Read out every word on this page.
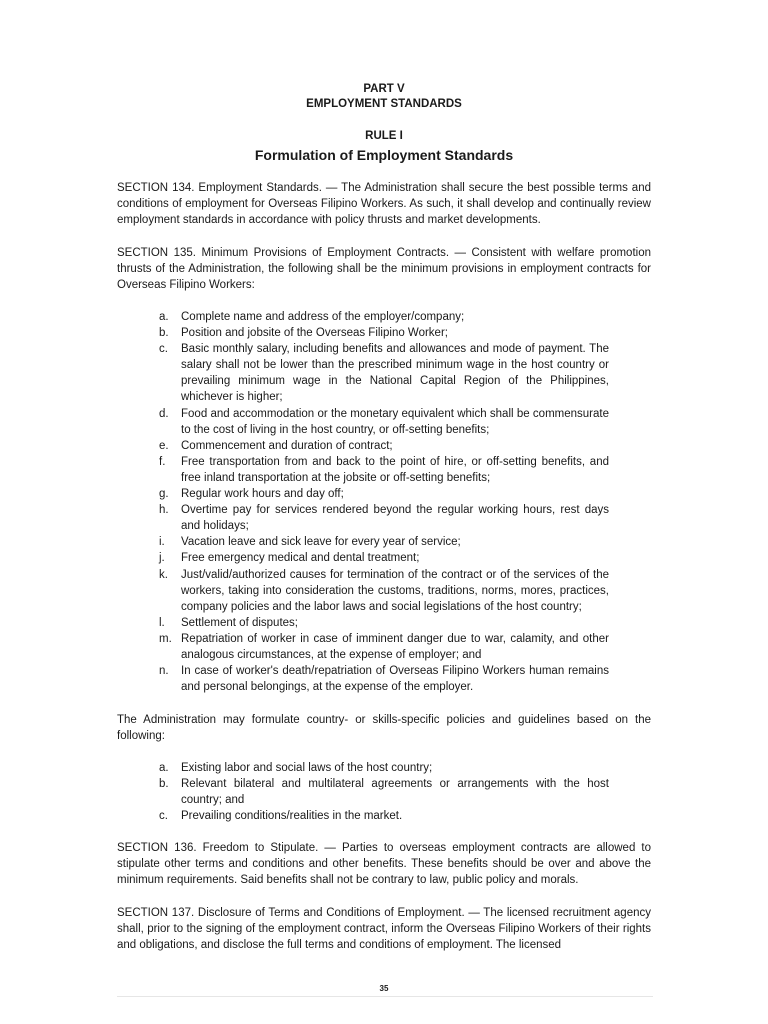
PART V
EMPLOYMENT STANDARDS
RULE I
Formulation of Employment Standards

SECTION 134. Employment Standards. — The Administration shall secure the best possible terms and conditions of employment for Overseas Filipino Workers. As such, it shall develop and continually review employment standards in accordance with policy thrusts and market developments.

SECTION 135. Minimum Provisions of Employment Contracts. — Consistent with welfare promotion thrusts of the Administration, the following shall be the minimum provisions in employment contracts for Overseas Filipino Workers:

a. Complete name and address of the employer/company;
b. Position and jobsite of the Overseas Filipino Worker;
c. Basic monthly salary, including benefits and allowances and mode of payment. The salary shall not be lower than the prescribed minimum wage in the host country or prevailing minimum wage in the National Capital Region of the Philippines, whichever is higher;
d. Food and accommodation or the monetary equivalent which shall be commensurate to the cost of living in the host country, or off-setting benefits;
e. Commencement and duration of contract;
f. Free transportation from and back to the point of hire, or off-setting benefits, and free inland transportation at the jobsite or off-setting benefits;
g. Regular work hours and day off;
h. Overtime pay for services rendered beyond the regular working hours, rest days and holidays;
i. Vacation leave and sick leave for every year of service;
j. Free emergency medical and dental treatment;
k. Just/valid/authorized causes for termination of the contract or of the services of the workers, taking into consideration the customs, traditions, norms, mores, practices, company policies and the labor laws and social legislations of the host country;
l. Settlement of disputes;
m. Repatriation of worker in case of imminent danger due to war, calamity, and other analogous circumstances, at the expense of employer; and
n. In case of worker's death/repatriation of Overseas Filipino Workers human remains and personal belongings, at the expense of the employer.

The Administration may formulate country- or skills-specific policies and guidelines based on the following:

a. Existing labor and social laws of the host country;
b. Relevant bilateral and multilateral agreements or arrangements with the host country; and
c. Prevailing conditions/realities in the market.

SECTION 136. Freedom to Stipulate. — Parties to overseas employment contracts are allowed to stipulate other terms and conditions and other benefits. These benefits should be over and above the minimum requirements. Said benefits shall not be contrary to law, public policy and morals.

SECTION 137. Disclosure of Terms and Conditions of Employment. — The licensed recruitment agency shall, prior to the signing of the employment contract, inform the Overseas Filipino Workers of their rights and obligations, and disclose the full terms and conditions of employment. The licensed

35
